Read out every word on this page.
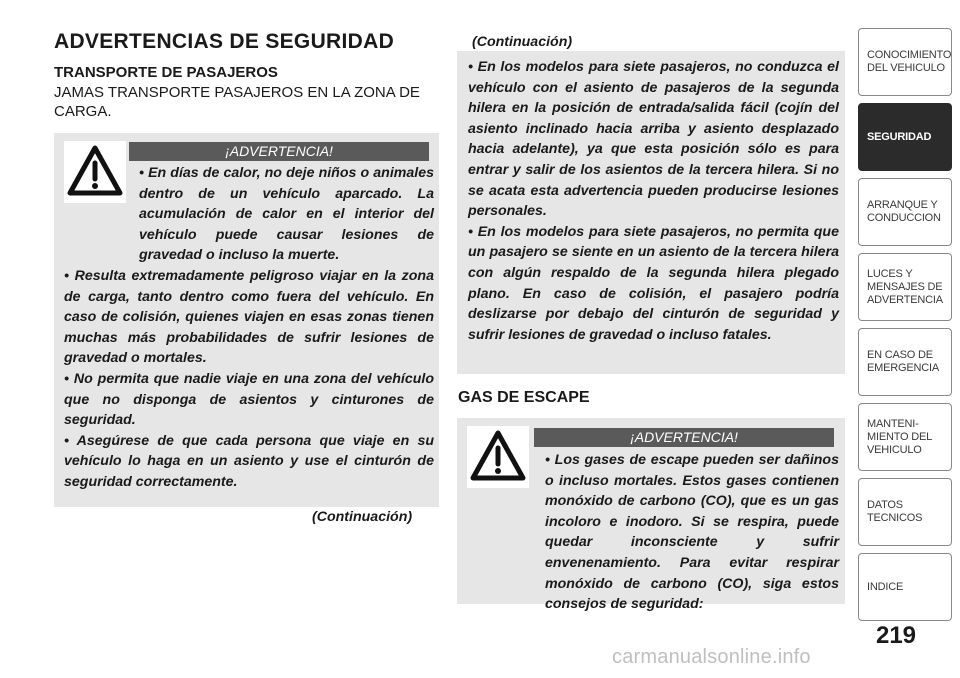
ADVERTENCIAS DE SEGURIDAD
TRANSPORTE DE PASAJEROS
JAMAS TRANSPORTE PASAJEROS EN LA ZONA DE CARGA.
¡ADVERTENCIA!

• En días de calor, no deje niños o animales dentro de un vehículo aparcado. La acumulación de calor en el interior del vehículo puede causar lesiones de gravedad o incluso la muerte.

• Resulta extremadamente peligroso viajar en la zona de carga, tanto dentro como fuera del vehículo. En caso de colisión, quienes viajen en esas zonas tienen muchas más probabilidades de sufrir lesiones de gravedad o mortales.

• No permita que nadie viaje en una zona del vehículo que no disponga de asientos y cinturones de seguridad.

• Asegúrese de que cada persona que viaje en su vehículo lo haga en un asiento y use el cinturón de seguridad correctamente.

(Continuación)
(Continuación)

• En los modelos para siete pasajeros, no conduzca el vehículo con el asiento de pasajeros de la segunda hilera en la posición de entrada/salida fácil (cojín del asiento inclinado hacia arriba y asiento desplazado hacia adelante), ya que esta posición sólo es para entrar y salir de los asientos de la tercera hilera. Si no se acata esta advertencia pueden producirse lesiones personales.

• En los modelos para siete pasajeros, no permita que un pasajero se siente en un asiento de la tercera hilera con algún respaldo de la segunda hilera plegado plano. En caso de colisión, el pasajero podría deslizarse por debajo del cinturón de seguridad y sufrir lesiones de gravedad o incluso fatales.

GAS DE ESCAPE
¡ADVERTENCIA!

• Los gases de escape pueden ser dañinos o incluso mortales. Estos gases contienen monóxido de carbono (CO), que es un gas incoloro e inodoro. Si se respira, puede quedar inconsciente y sufrir envenenamiento. Para evitar respirar monóxido de carbono (CO), siga estos consejos de seguridad:

CONOCIMIENTO DEL VEHICULO
SEGURIDAD
ARRANQUE Y CONDUCCION
LUCES Y MENSAJES DE ADVERTENCIA
EN CASO DE EMERGENCIA
MANTENI- MIENTO DEL VEHICULO
DATOS TECNICOS
INDICE
219
carmanualsonline.info
